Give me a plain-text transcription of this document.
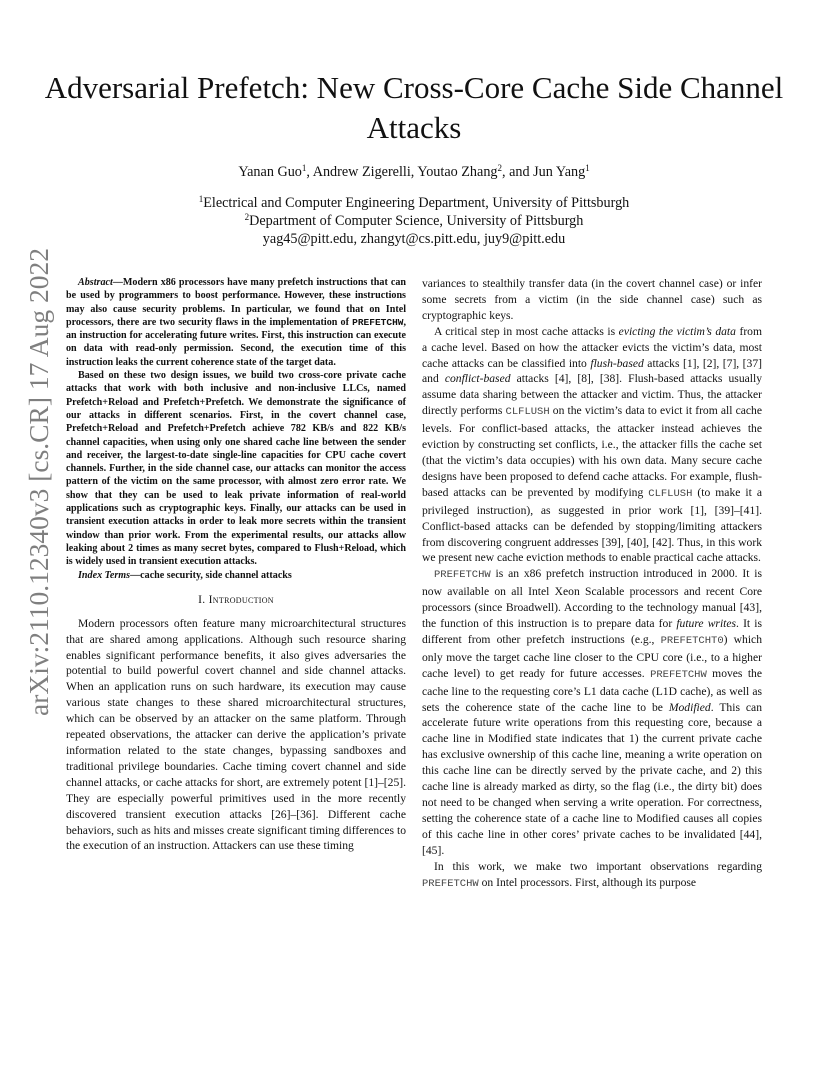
Adversarial Prefetch: New Cross-Core Cache Side Channel Attacks
Yanan Guo$^1$, Andrew Zigerelli, Youtao Zhang$^2$, and Jun Yang$^1$
$^1$Electrical and Computer Engineering Department, University of Pittsburgh
$^2$Department of Computer Science, University of Pittsburgh
yag45@pitt.edu, zhangyt@cs.pitt.edu, juy9@pitt.edu
arXiv:2110.12340v3 [cs.CR] 17 Aug 2022	Abstract—Modern x86 processors have many prefetch instructions that can be used by programmers to boost performance. However, these instructions may also cause security problems. In particular, we found that on Intel processors, there are two security flaws in the implementation of PREFETCHW, an instruction for accelerating future writes. First, this instruction can execute on data with read-only permission. Second, the execution time of this instruction leaks the current coherence state of the target data.

Based on these two design issues, we build two cross-core private cache attacks that work with both inclusive and non-inclusive LLCs, named Prefetch+Reload and Prefetch+Prefetch. We demonstrate the significance of our attacks in different scenarios. First, in the covert channel case, Prefetch+Reload and Prefetch+Prefetch achieve 782 KB/s and 822 KB/s channel capacities, when using only one shared cache line between the sender and receiver, the largest-to-date single-line capacities for CPU cache covert channels. Further, in the side channel case, our attacks can monitor the access pattern of the victim on the same processor, with almost zero error rate. We show that they can be used to leak private information of real-world applications such as cryptographic keys. Finally, our attacks can be used in transient execution attacks in order to leak more secrets within the transient window than prior work. From the experimental results, our attacks allow leaking about 2 times as many secret bytes, compared to Flush+Reload, which is widely used in transient execution attacks.

Index Terms—cache security, side channel attacks

I. Introduction

Modern processors often feature many microarchitectural structures that are shared among applications. Although such resource sharing enables significant performance benefits, it also gives adversaries the potential to build powerful covert channel and side channel attacks. When an application runs on such hardware, its execution may cause various state changes to these shared microarchitectural structures, which can be observed by an attacker on the same platform. Through repeated observations, the attacker can derive the application’s private information related to the state changes, bypassing sandboxes and traditional privilege boundaries. Cache timing covert channel and side channel attacks, or cache attacks for short, are extremely potent [1]–[25]. They are especially powerful primitives used in the more recently discovered transient execution attacks [26]–[36]. Different cache behaviors, such as hits and misses create significant timing differences to the execution of an instruction. Attackers can use these timing

variances to stealthily transfer data (in the covert channel case) or infer some secrets from a victim (in the side channel case) such as cryptographic keys.

A critical step in most cache attacks is evicting the victim’s data from a cache level. Based on how the attacker evicts the victim’s data, most cache attacks can be classified into flush-based attacks [1], [2], [7], [37] and conflict-based attacks [4], [8], [38]. Flush-based attacks usually assume data sharing between the attacker and victim. Thus, the attacker directly performs CLFLUSH on the victim’s data to evict it from all cache levels. For conflict-based attacks, the attacker instead achieves the eviction by constructing set conflicts, i.e., the attacker fills the cache set (that the victim’s data occupies) with his own data. Many secure cache designs have been proposed to defend cache attacks. For example, flush-based attacks can be prevented by modifying CLFLUSH (to make it a privileged instruction), as suggested in prior work [1], [39]–[41]. Conflict-based attacks can be defended by stopping/limiting attackers from discovering congruent addresses [39], [40], [42]. Thus, in this work we present new cache eviction methods to enable practical cache attacks.

PREFETCHW is an x86 prefetch instruction introduced in 2000. It is now available on all Intel Xeon Scalable processors and recent Core processors (since Broadwell). According to the technology manual [43], the function of this instruction is to prepare data for future writes. It is different from other prefetch instructions (e.g., PREFETCHT0) which only move the target cache line closer to the CPU core (i.e., to a higher cache level) to get ready for future accesses. PREFETCHW moves the cache line to the requesting core’s L1 data cache (L1D cache), as well as sets the coherence state of the cache line to be Modified. This can accelerate future write operations from this requesting core, because a cache line in Modified state indicates that 1) the current private cache has exclusive ownership of this cache line, meaning a write operation on this cache line can be directly served by the private cache, and 2) this cache line is already marked as dirty, so the flag (i.e., the dirty bit) does not need to be changed when serving a write operation. For correctness, setting the coherence state of a cache line to Modified causes all copies of this cache line in other cores’ private caches to be invalidated [44], [45].

In this work, we make two important observations regarding PREFETCHW on Intel processors. First, although its purpose
